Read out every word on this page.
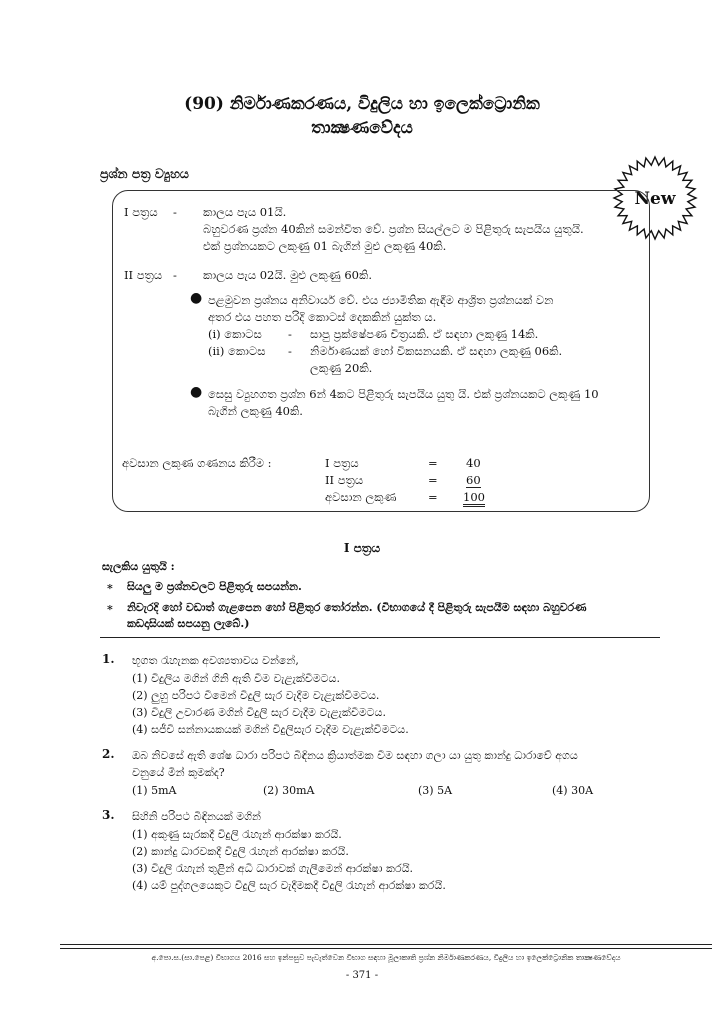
(90) නිර්මාණකරණය, විදුලිය හා ඉලෙක්ට්‍රොනික
තාක්‍ෂණවේදය
ප්‍රශ්න පත්‍ර ව්‍යුහය
New
I පත්‍රය - කාලය පැය 01යි.
බහුවරණ ප්‍රශ්න 40කින් සමන්විත වේ. ප්‍රශ්න සියල්ලට ම පිළිතුරු සැපයිය යුතුයි.
එක් ප්‍රශ්නයකට ලකුණු 01 බැගින් මුළු ලකුණු 40කි.
II පත්‍රය - කාලය පැය 02යි. මුළු ලකුණු 60කි.
● පළමුවන ප්‍රශ්නය අනිවාර්ය වේ. එය ජ්‍යාමිතික ඇඳීම ආශ්‍රිත ප්‍රශ්නයක් වන
අතර එය පහත පරිදි කොටස් දෙකකින් යුක්ත ය.
(i) කොටස - සාපු ප්‍රක්ෂේපණ චිත්‍රයකි. ඒ සඳහා ලකුණු 14කි.
(ii) කොටස - නිර්මාණයක් හෝ විකසනයකි. ඒ සඳහා ලකුණු 06කි.
ලකුණු 20කි.
● සෙසු ව්‍යුහගත ප්‍රශ්න 6න් 4කට පිළිතුරු සැපයිය යුතු යි. එක් ප්‍රශ්නයකට ලකුණු 10
බැගින් ලකුණු 40කි.
අවසාන ලකුණ ගණනය කිරීම :	I පත්‍රය	= 40
II පත්‍රය	= 60
අවසාන ලකුණ	= 100
I පත්‍රය
සැලකිය යුතුයි :
∗ සියලු ම ප්‍රශ්නවලට පිළිතුරු සපයන්න.
∗ නිවැරදි හෝ වඩාත් ගැළපෙන හෝ පිළිතුර තෝරන්න. (විභාගයේ දී පිළිතුරු සැපයීම සඳහා බහුවරණ
කඩදාසියක් සපයනු ලැබේ.)
1. භූගත රැහැනක අවශ්‍යතාවය වන්නේ,
(1) විදුලිය මගින් ගිනි ඇති වීම වැළැක්වීමටය.
(2) ලුහු පරිපථ වීමෙන් විදුලි සැර වැදීම වැළැක්වීමටය.
(3) විදුලි උවාරණ මගින් විදුලි සැර වැදීම වැළැක්වීමටය.
(4) සජීවී සන්නායකයක් මගින් විදුලිසැර වැදීම වැළැක්වීමටය.
2. ඔබ නිවසේ ඇති ශේෂ ධාරා පරිපථ බිඳිනය ක්‍රියාත්මක වීම සඳහා ගලා යා යුතු කාන්දු ධාරාවේ අගය
වනුයේ මින් කුමක්ද?
(1) 5mA	(2) 30mA	(3) 5A	(4) 30A
3. සිහිනි පරිපථ බිඳිනයක් මගින්
(1) අකුණු සැරකදී විදුලි රැහැන් ආරක්ෂා කරයි.
(2) කාන්දු ධාරවකදී විදුලි රැහැන් ආරක්ෂා කරයි.
(3) විදුලි රැහැන් තුළින් අධි ධාරාවක් ගැලීමෙන් ආරක්ෂා කරයි.
(4) යම් පුද්ගලයෙකුට විදුලි සැර වැදීමකදී විදුලි රැහැන් ආරක්ෂා කරයි.
අ.පො.ස.(සා.පෙළ) විභාගය 2016 සහ ඉන්පසුව පැවැත්වෙන විභාග සඳහා මූලාකෘති ප්‍රශ්න නිර්මාණකරණය, විදුලිය හා ඉලෙක්ට්‍රොනික තාක්‍ෂණවේදය
- 371 -
